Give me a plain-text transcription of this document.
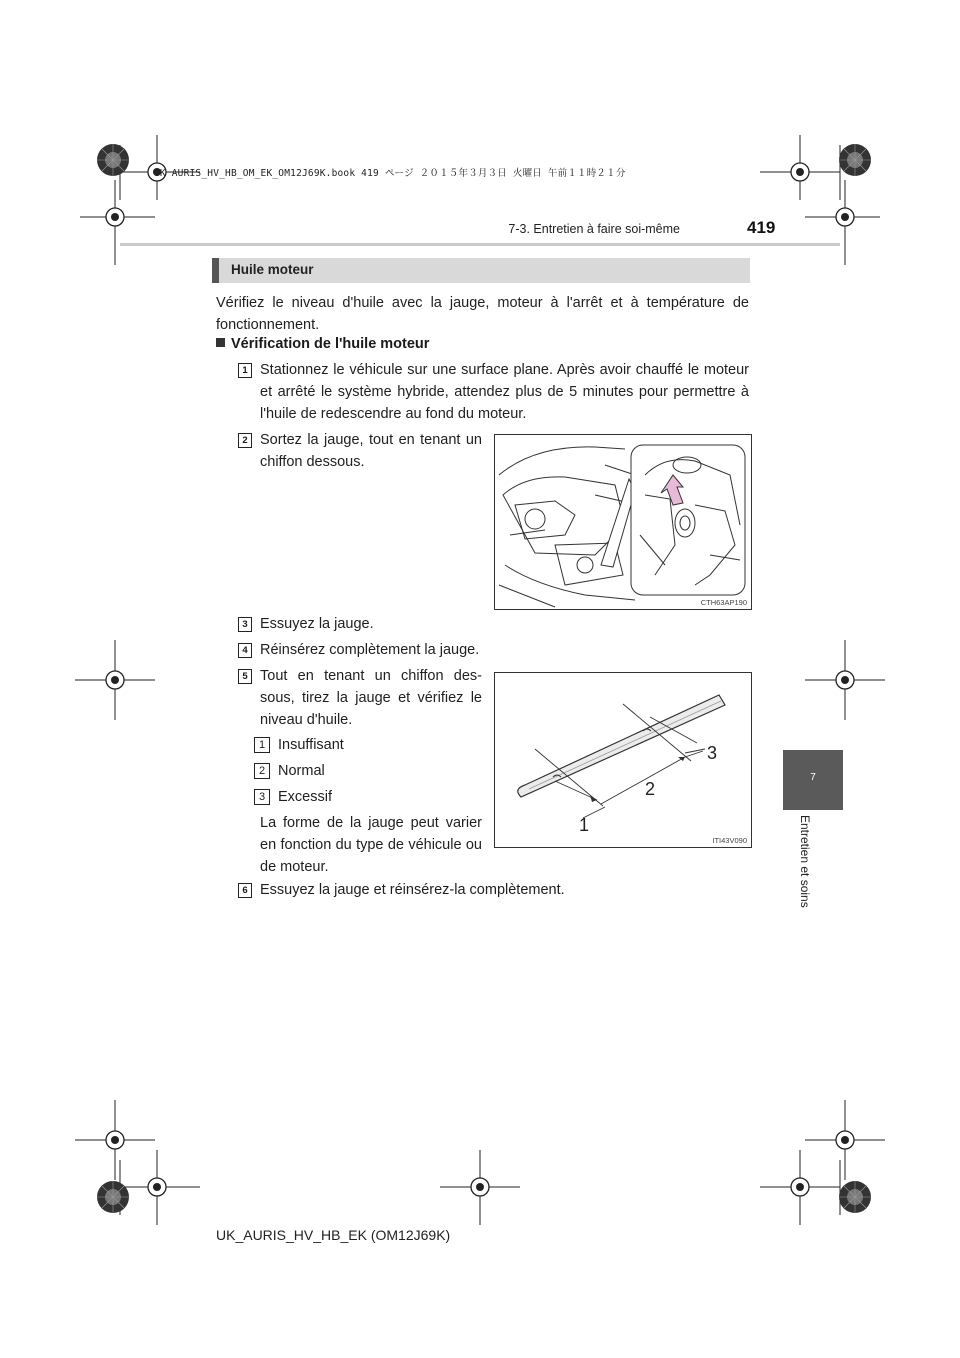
UK AURIS_HV_HB_OM_EK_OM12J69K.book 419 ページ ２０１５年３月３日 火曜日 午前１１時２１分
7-3. Entretien à faire soi-même	419
Huile moteur
Vérifiez le niveau d'huile avec la jauge, moteur à l'arrêt et à température de fonctionnement.
Vérification de l'huile moteur
1 Stationnez le véhicule sur une surface plane. Après avoir chauffé le moteur et arrêté le système hybride, attendez plus de 5 minutes pour permettre à l'huile de redescendre au fond du moteur.
2 Sortez la jauge, tout en tenant un chiffon dessous.
CTH63AP190
3 Essuyez la jauge.
4 Réinsérez complètement la jauge.
5 Tout en tenant un chiffon des-sous, tirez la jauge et vérifiez le niveau d'huile.
1 Insuffisant
2 Normal
3 Excessif
La forme de la jauge peut varier en fonction du type de véhicule ou de moteur.
1
2
3
ITI43V090
6 Essuyez la jauge et réinsérez-la complètement.
7
Entretien et soins
UK_AURIS_HV_HB_EK (OM12J69K)
